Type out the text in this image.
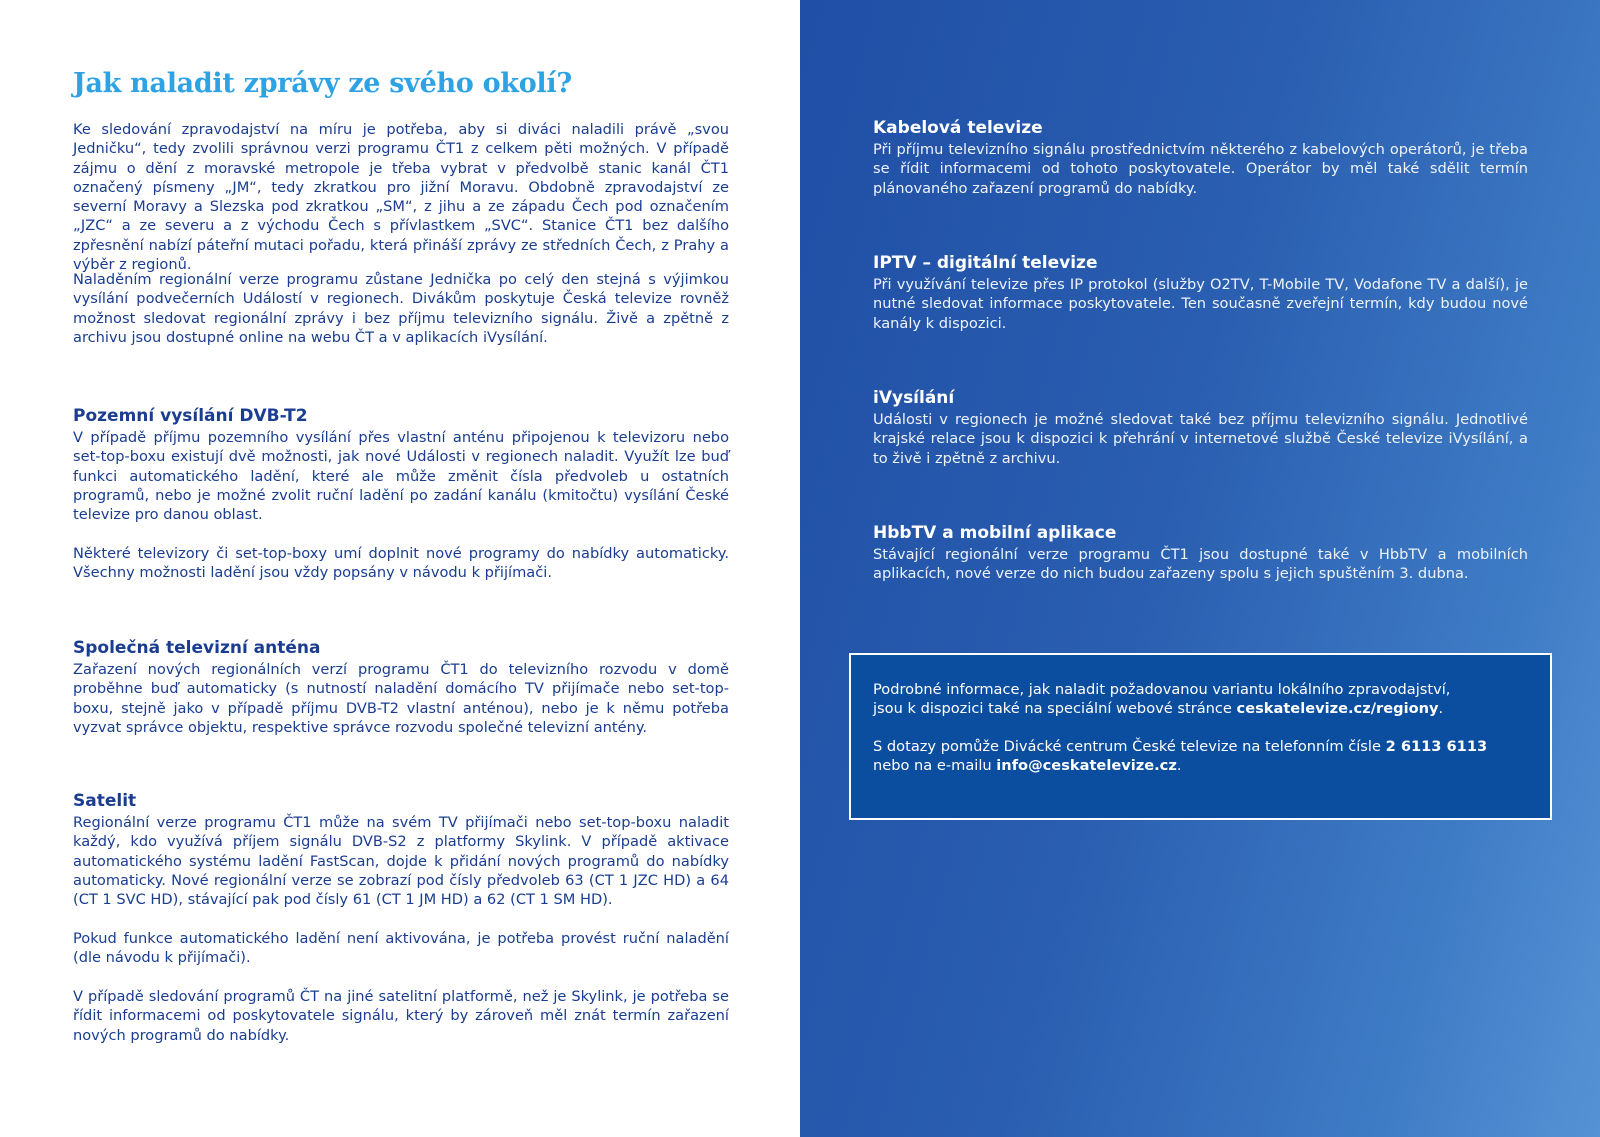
Jak naladit zprávy ze svého okolí?

Ke sledování zpravodajství na míru je potřeba, aby si diváci naladili právě „svou Jedničku“, tedy zvolili správnou verzi programu ČT1 z celkem pěti možných. V případě zájmu o dění z moravské metropole je třeba vybrat v předvolbě stanic kanál ČT1 označený písmeny „JM“, tedy zkratkou pro jižní Moravu. Obdobně zpravodajství ze severní Moravy a Slezska pod zkratkou „SM“, z jihu a ze západu Čech pod označením „JZC“ a ze severu a z východu Čech s přívlastkem „SVC“. Stanice ČT1 bez dalšího zpřesnění nabízí páteřní mutaci pořadu, která přináší zprávy ze středních Čech, z Prahy a výběr z regionů.

Naladěním regionální verze programu zůstane Jednička po celý den stejná s výjimkou vysílání podvečerních Událostí v regionech. Divákům poskytuje Česká televize rovněž možnost sledovat regionální zprávy i bez příjmu televizního signálu. Živě a zpětně z archivu jsou dostupné online na webu ČT a v aplikacích iVysílání.

Pozemní vysílání DVB-T2

V případě příjmu pozemního vysílání přes vlastní anténu připojenou k televizoru nebo set-top-boxu existují dvě možnosti, jak nové Události v regionech naladit. Využít lze buď funkci automatického ladění, které ale může změnit čísla předvoleb u ostatních programů, nebo je možné zvolit ruční ladění po zadání kanálu (kmitočtu) vysílání České televize pro danou oblast.

Některé televizory či set-top-boxy umí doplnit nové programy do nabídky automaticky. Všechny možnosti ladění jsou vždy popsány v návodu k přijímači.

Společná televizní anténa

Zařazení nových regionálních verzí programu ČT1 do televizního rozvodu v domě proběhne buď automaticky (s nutností naladění domácího TV přijímače nebo set-top-boxu, stejně jako v případě příjmu DVB-T2 vlastní anténou), nebo je k němu potřeba vyzvat správce objektu, respektive správce rozvodu společné televizní antény.

Satelit

Regionální verze programu ČT1 může na svém TV přijímači nebo set-top-boxu naladit každý, kdo využívá příjem signálu DVB-S2 z platformy Skylink. V případě aktivace automatického systému ladění FastScan, dojde k přidání nových programů do nabídky automaticky. Nové regionální verze se zobrazí pod čísly předvoleb 63 (CT 1 JZC HD) a 64 (CT 1 SVC HD), stávající pak pod čísly 61 (CT 1 JM HD) a 62 (CT 1 SM HD).

Pokud funkce automatického ladění není aktivována, je potřeba provést ruční naladění (dle návodu k přijímači).

V případě sledování programů ČT na jiné satelitní platformě, než je Skylink, je potřeba se řídit informacemi od poskytovatele signálu, který by zároveň měl znát termín zařazení nových programů do nabídky.

Kabelová televize

Při příjmu televizního signálu prostřednictvím některého z kabelových operátorů, je třeba se řídit informacemi od tohoto poskytovatele. Operátor by měl také sdělit termín plánovaného zařazení programů do nabídky.

IPTV – digitální televize

Při využívání televize přes IP protokol (služby O2TV, T-Mobile TV, Vodafone TV a další), je nutné sledovat informace poskytovatele. Ten současně zveřejní termín, kdy budou nové kanály k dispozici.

iVysílání

Události v regionech je možné sledovat také bez příjmu televizního signálu. Jednotlivé krajské relace jsou k dispozici k přehrání v internetové službě České televize iVysílání, a to živě i zpětně z archivu.

HbbTV a mobilní aplikace

Stávající regionální verze programu ČT1 jsou dostupné také v HbbTV a mobilních aplikacích, nové verze do nich budou zařazeny spolu s jejich spuštěním 3. dubna.

Podrobné informace, jak naladit požadovanou variantu lokálního zpravodajství,
jsou k dispozici také na speciální webové stránce ceskatelevize.cz/regiony.
S dotazy pomůže Divácké centrum České televize na telefonním čísle 2 6113 6113
nebo na e-mailu info@ceskatelevize.cz.
